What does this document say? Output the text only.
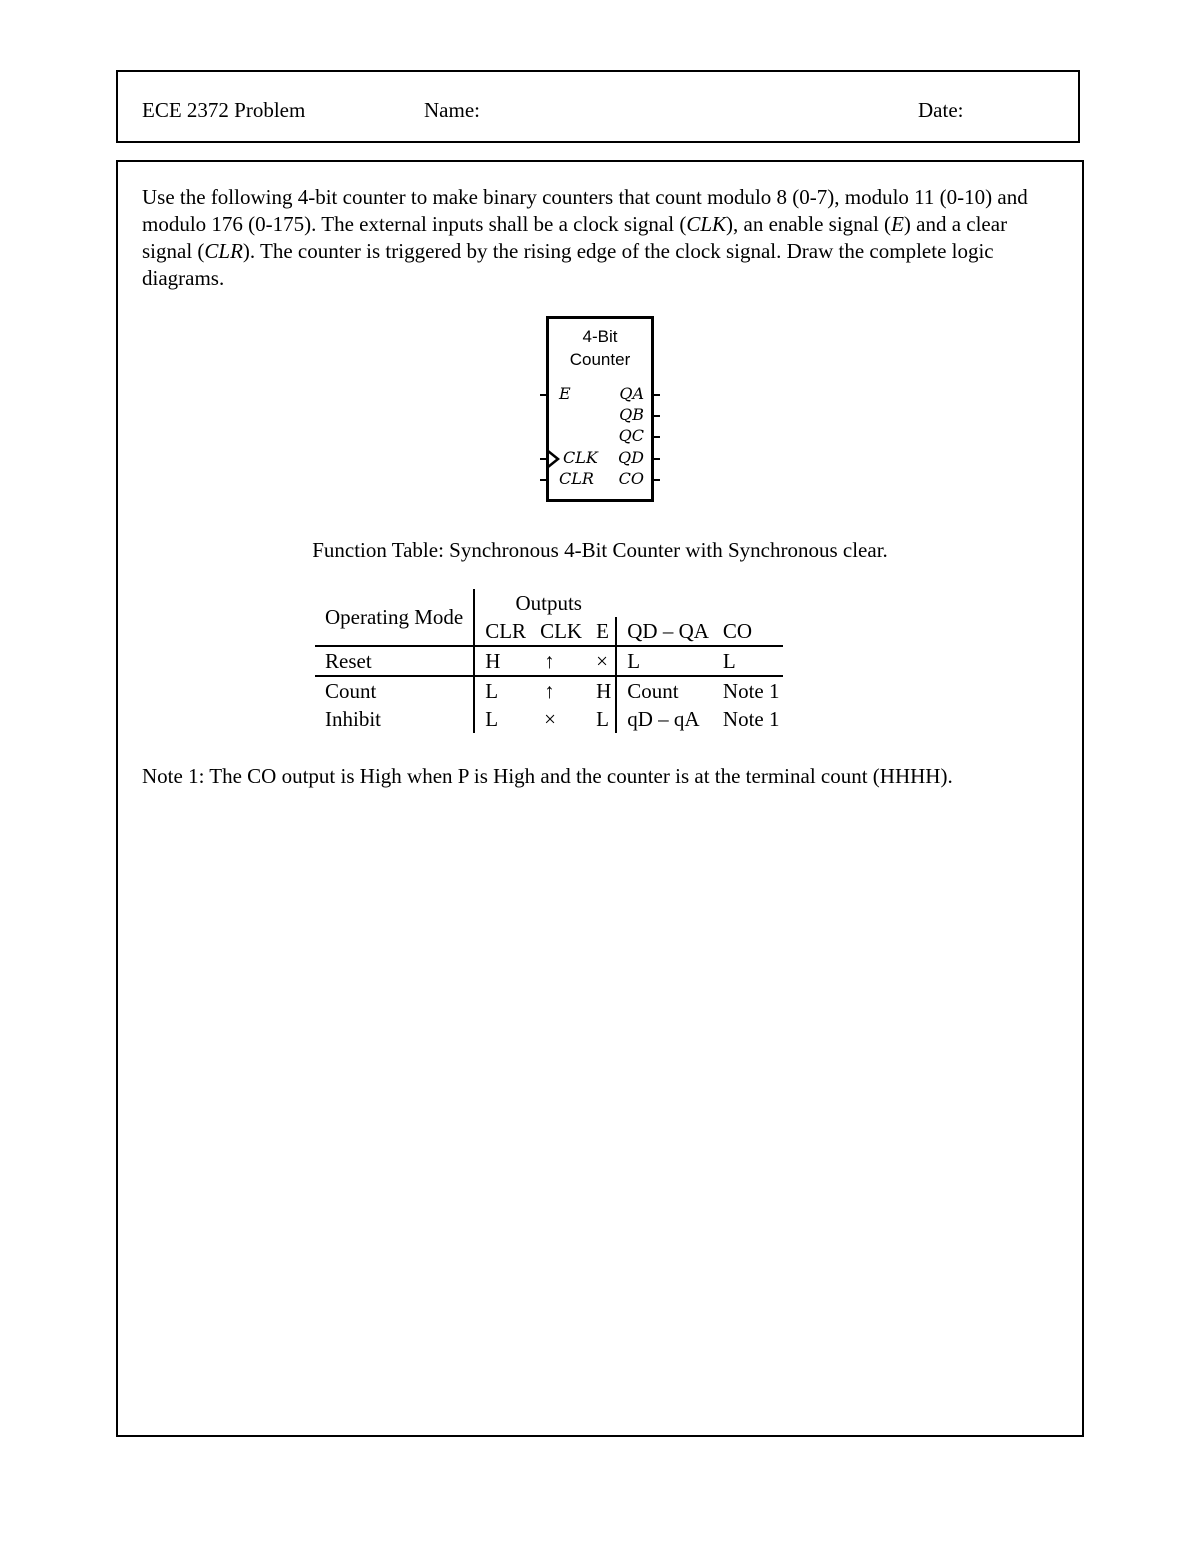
ECE 2372 Problem	Name:	Date:
Use the following 4-bit counter to make binary counters that count modulo 8 (0-7), modulo 11 (0-10) and modulo 176 (0-175). The external inputs shall be a clock signal (CLK), an enable signal (E) and a clear signal (CLR). The counter is triggered by the rising edge of the clock signal. Draw the complete logic diagrams.
4-Bit
Counter
E
CLK
CLR
QA
QB
QC
QD
CO
Function Table: Synchronous 4-Bit Counter with Synchronous clear.
Operating Mode	Outputs				
	CLR	CLK	E	QD – QA	CO
Reset	H	↑	×	L	L
Count	L	↑	H	Count	Note 1
Inhibit	L	×	L	qD – qA	Note 1
Note 1: The CO output is High when P is High and the counter is at the terminal count (HHHH).
